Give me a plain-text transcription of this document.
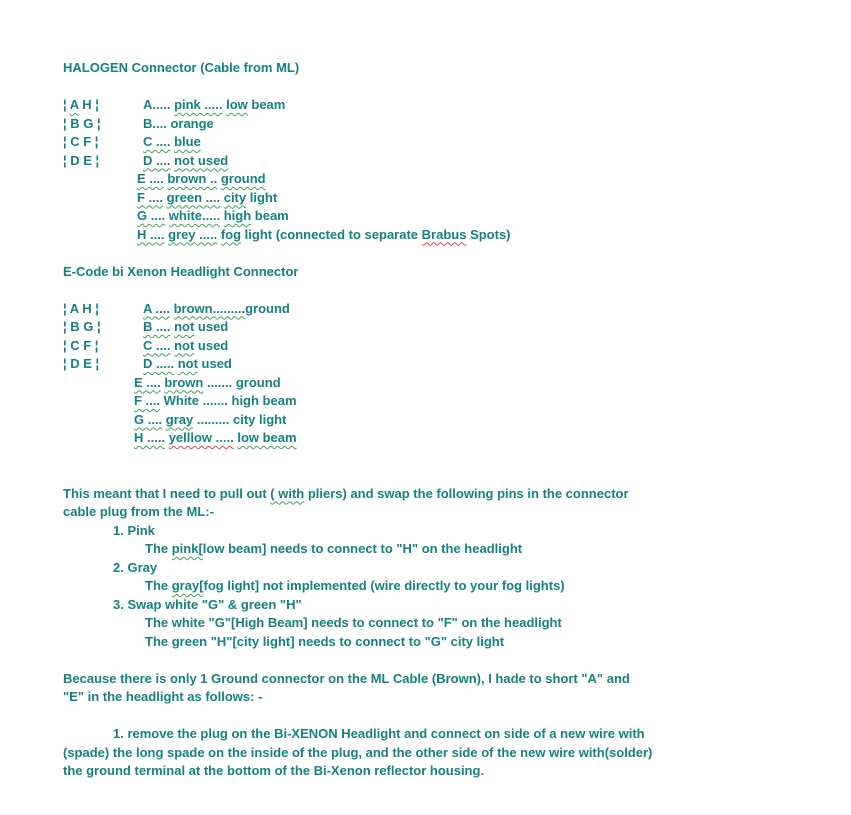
HALOGEN Connector (Cable from ML)
¦ A H ¦	A..... pink ..... low beam
¦ B G ¦	B.... orange
¦ C F ¦	C .... blue
¦ D E ¦	D .... not used
E .... brown .. ground
F .... green .... city light
G .... white..... high beam
H .... grey ..... fog light (connected to separate Brabus Spots)
E-Code bi Xenon Headlight Connector
¦ A H ¦	A .... brown.........ground
¦ B G ¦	B .... not used
¦ C F ¦	C .... not used
¦ D E ¦	D ..... not used
E .... brown ....... ground
F .... White ....... high beam
G .... gray ......... city light
H ..... yelllow ..... low beam
This meant that I need to pull out ( with pliers) and swap the following pins in the connector
cable plug from the ML:-
1. Pink
The pink[low beam] needs to connect to "H" on the headlight
2. Gray
The gray[fog light] not implemented (wire directly to your fog lights)
3. Swap white "G" & green "H"
The white "G"[High Beam] needs to connect to "F" on the headlight
The green "H"[city light] needs to connect to "G" city light
Because there is only 1 Ground connector on the ML Cable (Brown), I hade to short "A" and
"E" in the headlight as follows: -
1. remove the plug on the Bi-XENON Headlight and connect on side of a new wire with
(spade) the long spade on the inside of the plug, and the other side of the new wire with(solder)
the ground terminal at the bottom of the Bi-Xenon reflector housing.
